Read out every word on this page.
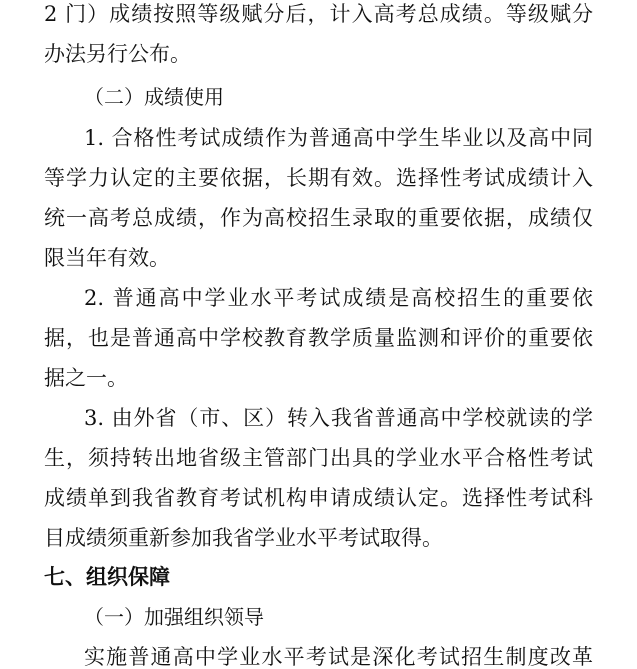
2 门）成绩按照等级赋分后，计入高考总成绩。等级赋分
办法另行公布。
（二）成绩使用
1. 合格性考试成绩作为普通高中学生毕业以及高中同
等学力认定的主要依据，长期有效。选择性考试成绩计入
统一高考总成绩，作为高校招生录取的重要依据，成绩仅
限当年有效。
2. 普通高中学业水平考试成绩是高校招生的重要依
据，也是普通高中学校教育教学质量监测和评价的重要依
据之一。
3. 由外省（市、区）转入我省普通高中学校就读的学
生，须持转出地省级主管部门出具的学业水平合格性考试
成绩单到我省教育考试机构申请成绩认定。选择性考试科
目成绩须重新参加我省学业水平考试取得。
七、组织保障
（一）加强组织领导
实施普通高中学业水平考试是深化考试招生制度改革
